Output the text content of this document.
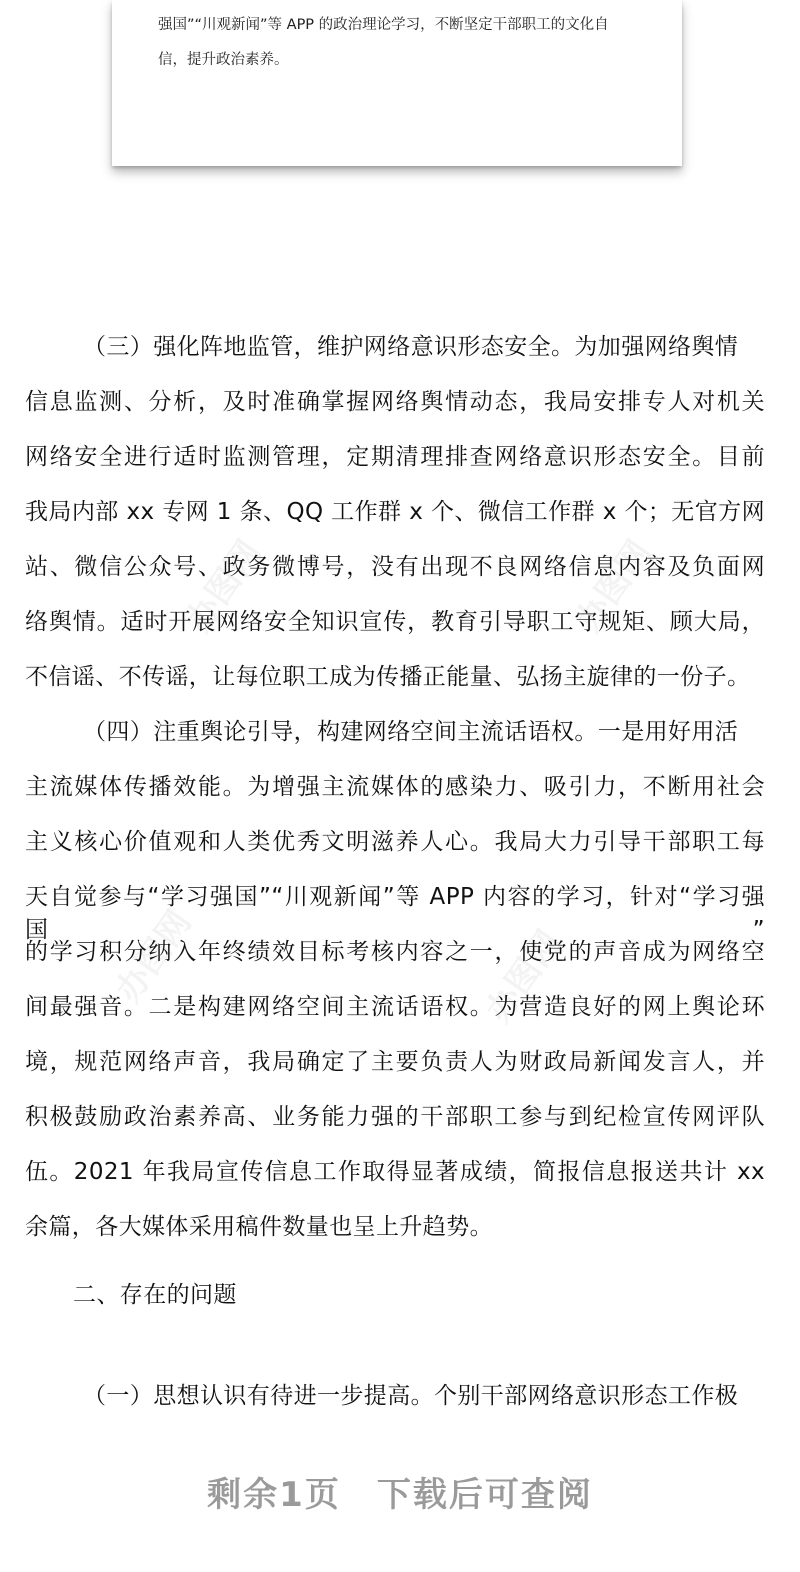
办图网	办图网
办图网	办图网

强国”“川观新闻”等 APP 的政治理论学习，不断坚定干部职工的文化自

信，提升政治素养。

（三）强化阵地监管，维护网络意识形态安全。为加强网络舆情
信息监测、分析，及时准确掌握网络舆情动态，我局安排专人对机关
网络安全进行适时监测管理，定期清理排查网络意识形态安全。目前
我局内部 xx 专网 1 条、QQ 工作群 x 个、微信工作群 x 个；无官方网
站、微信公众号、政务微博号，没有出现不良网络信息内容及负面网
络舆情。适时开展网络安全知识宣传，教育引导职工守规矩、顾大局，
不信谣、不传谣，让每位职工成为传播正能量、弘扬主旋律的一份子。
（四）注重舆论引导，构建网络空间主流话语权。一是用好用活
主流媒体传播效能。为增强主流媒体的感染力、吸引力，不断用社会
主义核心价值观和人类优秀文明滋养人心。我局大力引导干部职工每
天自觉参与“学习强国”“川观新闻”等 APP 内容的学习，针对“学习强国”
的学习积分纳入年终绩效目标考核内容之一，使党的声音成为网络空
间最强音。二是构建网络空间主流话语权。为营造良好的网上舆论环
境，规范网络声音，我局确定了主要负责人为财政局新闻发言人，并
积极鼓励政治素养高、业务能力强的干部职工参与到纪检宣传网评队
伍。2021 年我局宣传信息工作取得显著成绩，简报信息报送共计 xx
余篇，各大媒体采用稿件数量也呈上升趋势。
二、存在的问题
（一）思想认识有待进一步提高。个别干部网络意识形态工作极
剩余1页　下载后可查阅
